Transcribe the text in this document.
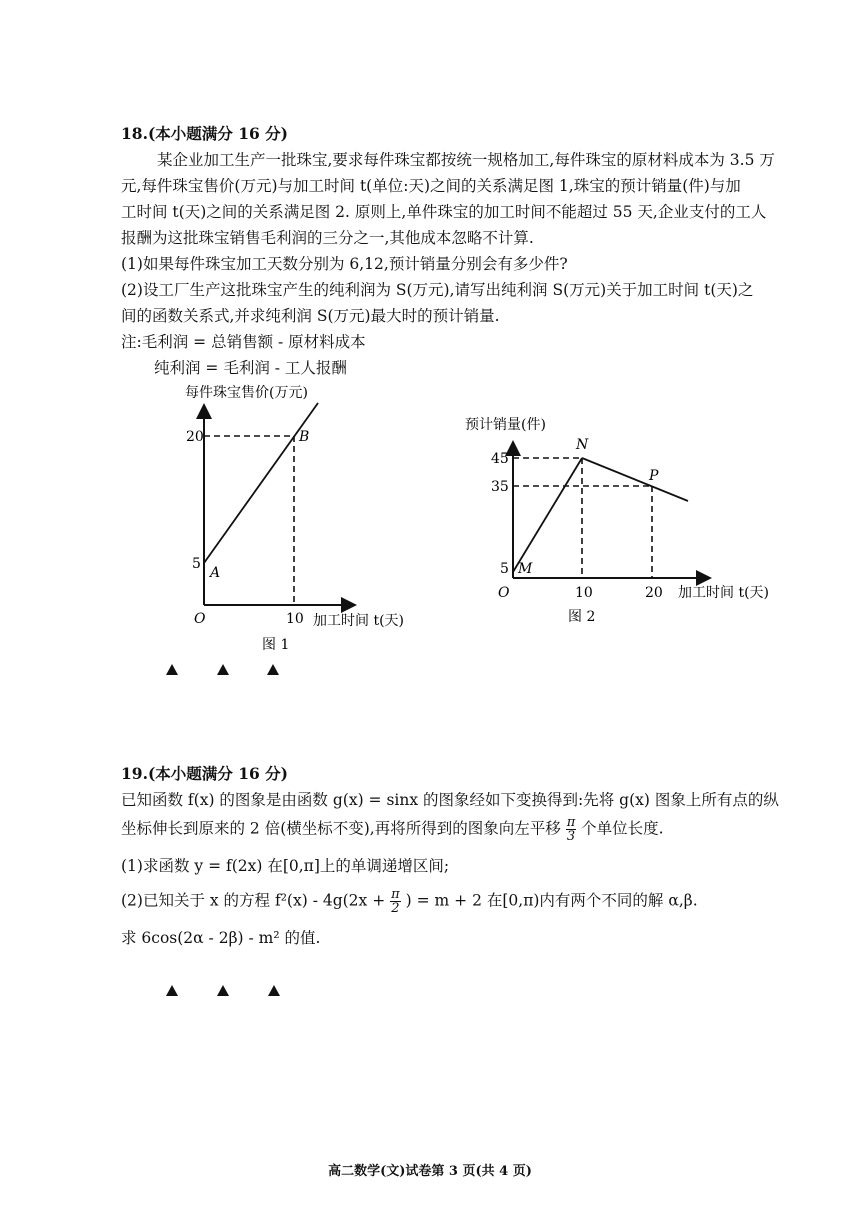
18.(本小题满分 16 分)
某企业加工生产一批珠宝,要求每件珠宝都按统一规格加工,每件珠宝的原材料成本为 3.5 万
元,每件珠宝售价(万元)与加工时间 t(单位:天)之间的关系满足图 1,珠宝的预计销量(件)与加
工时间 t(天)之间的关系满足图 2. 原则上,单件珠宝的加工时间不能超过 55 天,企业支付的工人
报酬为这批珠宝销售毛利润的三分之一,其他成本忽略不计算.
(1)如果每件珠宝加工天数分别为 6,12,预计销量分别会有多少件?
(2)设工厂生产这批珠宝产生的纯利润为 S(万元),请写出纯利润 S(万元)关于加工时间 t(天)之
间的函数关系式,并求纯利润 S(万元)最大时的预计销量.
注:毛利润 = 总销售额 - 原材料成本
纯利润 = 毛利润 - 工人报酬
每件珠宝售价(万元)
20
5
A
B
O	10 加工时间 t(天)
图 1
预计销量(件)
45
35
5 M
N
P
O	10	20 加工时间 t(天)
图 2
19.(本小题满分 16 分)
已知函数 f(x) 的图象是由函数 g(x) = sinx 的图象经如下变换得到:先将 g(x) 图象上所有点的纵
坐标伸长到原来的 2 倍(横坐标不变),再将所得到的图象向左平移 $\frac{\pi}{3}$ 个单位长度.
(1)求函数 y = f(2x) 在[0,π]上的单调递增区间;
(2)已知关于 x 的方程 $f^2(x) - 4g(2x + \frac{\pi}{2}$ ) = m + 2 在[0,π)内有两个不同的解 α,β.
求 6cos(2α - 2β) - m² 的值.
高二数学(文)试卷第 3 页(共 4 页)
